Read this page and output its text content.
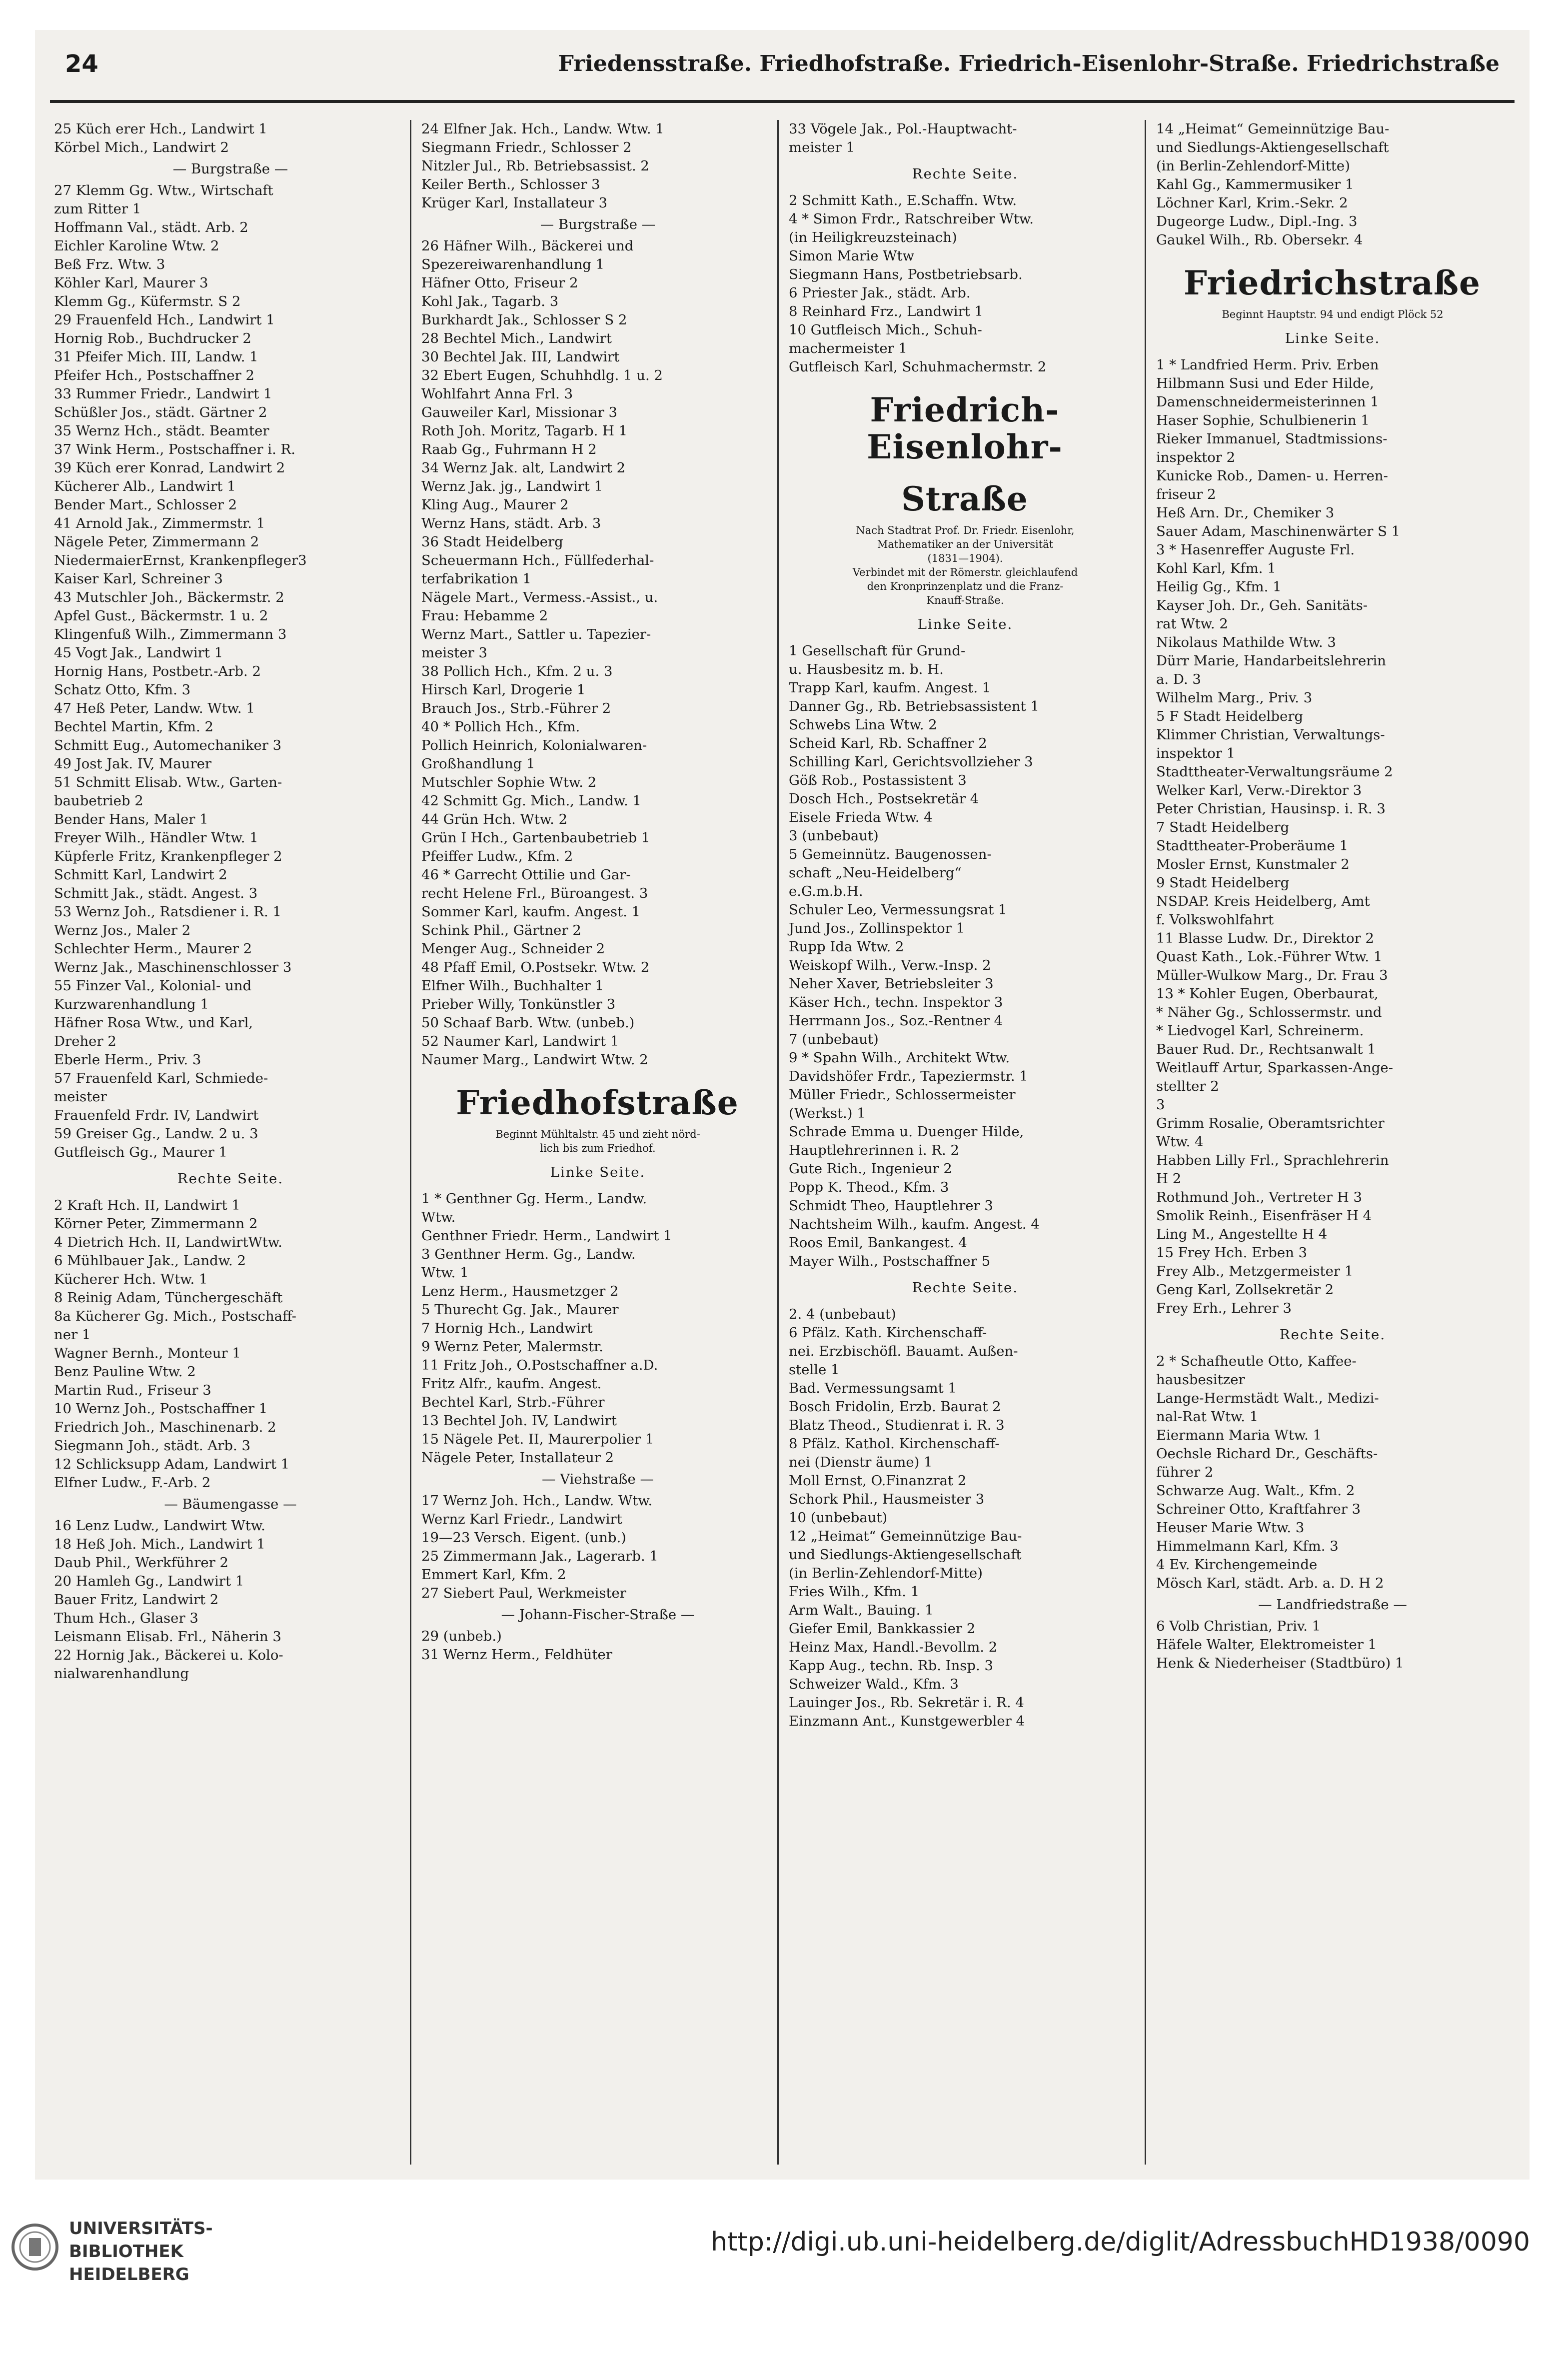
24	Friedensstraße. Friedhofstraße. Friedrich-Eisenlohr-Straße. Friedrichstraße
25 Küch erer Hch., Landwirt 1
Körbel Mich., Landwirt 2
— Burgstraße —
27 Klemm Gg. Wtw., Wirtschaft
zum Ritter 1
Hoffmann Val., städt. Arb. 2
Eichler Karoline Wtw. 2
Beß Frz. Wtw. 3
Köhler Karl, Maurer 3
Klemm Gg., Küfermstr. S 2
29 Frauenfeld Hch., Landwirt 1
Hornig Rob., Buchdrucker 2
31 Pfeifer Mich. III, Landw. 1
Pfeifer Hch., Postschaffner 2
33 Rummer Friedr., Landwirt 1
Schüßler Jos., städt. Gärtner 2
35 Wernz Hch., städt. Beamter
37 Wink Herm., Postschaffner i. R.
39 Küch erer Konrad, Landwirt 2
Kücherer Alb., Landwirt 1
Bender Mart., Schlosser 2
41 Arnold Jak., Zimmermstr. 1
Nägele Peter, Zimmermann 2
NiedermaierErnst, Krankenpfleger3
Kaiser Karl, Schreiner 3
43 Mutschler Joh., Bäckermstr. 2
Apfel Gust., Bäckermstr. 1 u. 2
Klingenfuß Wilh., Zimmermann 3
45 Vogt Jak., Landwirt 1
Hornig Hans, Postbetr.-Arb. 2
Schatz Otto, Kfm. 3
47 Heß Peter, Landw. Wtw. 1
Bechtel Martin, Kfm. 2
Schmitt Eug., Automechaniker 3
49 Jost Jak. IV, Maurer
51 Schmitt Elisab. Wtw., Garten-
baubetrieb 2
Bender Hans, Maler 1
Freyer Wilh., Händler Wtw. 1
Küpferle Fritz, Krankenpfleger 2
Schmitt Karl, Landwirt 2
Schmitt Jak., städt. Angest. 3
53 Wernz Joh., Ratsdiener i. R. 1
Wernz Jos., Maler 2
Schlechter Herm., Maurer 2
Wernz Jak., Maschinenschlosser 3
55 Finzer Val., Kolonial- und
Kurzwarenhandlung 1
Häfner Rosa Wtw., und Karl,
Dreher 2
Eberle Herm., Priv. 3
57 Frauenfeld Karl, Schmiede-
meister
Frauenfeld Frdr. IV, Landwirt
59 Greiser Gg., Landw. 2 u. 3
Gutfleisch Gg., Maurer 1
Rechte Seite.
2 Kraft Hch. II, Landwirt 1
Körner Peter, Zimmermann 2
4 Dietrich Hch. II, LandwirtWtw.
6 Mühlbauer Jak., Landw. 2
Kücherer Hch. Wtw. 1
8 Reinig Adam, Tünchergeschäft
8a Kücherer Gg. Mich., Postschaff-
ner 1
Wagner Bernh., Monteur 1
Benz Pauline Wtw. 2
Martin Rud., Friseur 3
10 Wernz Joh., Postschaffner 1
Friedrich Joh., Maschinenarb. 2
Siegmann Joh., städt. Arb. 3
12 Schlicksupp Adam, Landwirt 1
Elfner Ludw., F.-Arb. 2
— Bäumengasse —
16 Lenz Ludw., Landwirt Wtw.
18 Heß Joh. Mich., Landwirt 1
Daub Phil., Werkführer 2
20 Hamleh Gg., Landwirt 1
Bauer Fritz, Landwirt 2
Thum Hch., Glaser 3
Leismann Elisab. Frl., Näherin 3
22 Hornig Jak., Bäckerei u. Kolo-
nialwarenhandlung
24 Elfner Jak. Hch., Landw. Wtw. 1
Siegmann Friedr., Schlosser 2
Nitzler Jul., Rb. Betriebsassist. 2
Keiler Berth., Schlosser 3
Krüger Karl, Installateur 3
— Burgstraße —
26 Häfner Wilh., Bäckerei und
Spezereiwarenhandlung 1
Häfner Otto, Friseur 2
Kohl Jak., Tagarb. 3
Burkhardt Jak., Schlosser S 2
28 Bechtel Mich., Landwirt
30 Bechtel Jak. III, Landwirt
32 Ebert Eugen, Schuhhdlg. 1 u. 2
Wohlfahrt Anna Frl. 3
Gauweiler Karl, Missionar 3
Roth Joh. Moritz, Tagarb. H 1
Raab Gg., Fuhrmann H 2
34 Wernz Jak. alt, Landwirt 2
Wernz Jak. jg., Landwirt 1
Kling Aug., Maurer 2
Wernz Hans, städt. Arb. 3
36 Stadt Heidelberg
Scheuermann Hch., Füllfederhal-
terfabrikation 1
Nägele Mart., Vermess.-Assist., u.
Frau: Hebamme 2
Wernz Mart., Sattler u. Tapezier-
meister 3
38 Pollich Hch., Kfm. 2 u. 3
Hirsch Karl, Drogerie 1
Brauch Jos., Strb.-Führer 2
40 * Pollich Hch., Kfm.
Pollich Heinrich, Kolonialwaren-
Großhandlung 1
Mutschler Sophie Wtw. 2
42 Schmitt Gg. Mich., Landw. 1
44 Grün Hch. Wtw. 2
Grün I Hch., Gartenbaubetrieb 1
Pfeiffer Ludw., Kfm. 2
46 * Garrecht Ottilie und Gar-
recht Helene Frl., Büroangest. 3
Sommer Karl, kaufm. Angest. 1
Schink Phil., Gärtner 2
Menger Aug., Schneider 2
48 Pfaff Emil, O.Postsekr. Wtw. 2
Elfner Wilh., Buchhalter 1
Prieber Willy, Tonkünstler 3
50 Schaaf Barb. Wtw. (unbeb.)
52 Naumer Karl, Landwirt 1
Naumer Marg., Landwirt Wtw. 2
Friedhofstraße
Beginnt Mühltalstr. 45 und zieht nörd-
lich bis zum Friedhof.
Linke Seite.
1 * Genthner Gg. Herm., Landw.
Wtw.
Genthner Friedr. Herm., Landwirt 1
3 Genthner Herm. Gg., Landw.
Wtw. 1
Lenz Herm., Hausmetzger 2
5 Thurecht Gg. Jak., Maurer
7 Hornig Hch., Landwirt
9 Wernz Peter, Malermstr.
11 Fritz Joh., O.Postschaffner a.D.
Fritz Alfr., kaufm. Angest.
Bechtel Karl, Strb.-Führer
13 Bechtel Joh. IV, Landwirt
15 Nägele Pet. II, Maurerpolier 1
Nägele Peter, Installateur 2
— Viehstraße —
17 Wernz Joh. Hch., Landw. Wtw.
Wernz Karl Friedr., Landwirt
19—23 Versch. Eigent. (unb.)
25 Zimmermann Jak., Lagerarb. 1
Emmert Karl, Kfm. 2
27 Siebert Paul, Werkmeister
— Johann-Fischer-Straße —
29 (unbeb.)
31 Wernz Herm., Feldhüter
33 Vögele Jak., Pol.-Hauptwacht-
meister 1
Rechte Seite.
2 Schmitt Kath., E.Schaffn. Wtw.
4 * Simon Frdr., Ratschreiber Wtw.
(in Heiligkreuzsteinach)
Simon Marie Wtw
Siegmann Hans, Postbetriebsarb.
6 Priester Jak., städt. Arb.
8 Reinhard Frz., Landwirt 1
10 Gutfleisch Mich., Schuh-
machermeister 1
Gutfleisch Karl, Schuhmachermstr. 2
Friedrich-Eisenlohr-
Straße
Nach Stadtrat Prof. Dr. Friedr. Eisenlohr,
Mathematiker an der Universität
(1831—1904).
Verbindet mit der Römerstr. gleichlaufend
den Kronprinzenplatz und die Franz-
Knauff-Straße.
Linke Seite.
1 Gesellschaft für Grund-
u. Hausbesitz m. b. H.
Trapp Karl, kaufm. Angest. 1
Danner Gg., Rb. Betriebsassistent 1
Schwebs Lina Wtw. 2
Scheid Karl, Rb. Schaffner 2
Schilling Karl, Gerichtsvollzieher 3
Göß Rob., Postassistent 3
Dosch Hch., Postsekretär 4
Eisele Frieda Wtw. 4
3 (unbebaut)
5 Gemeinnütz. Baugenossen-
schaft „Neu-Heidelberg“
e.G.m.b.H.
Schuler Leo, Vermessungsrat 1
Jund Jos., Zollinspektor 1
Rupp Ida Wtw. 2
Weiskopf Wilh., Verw.-Insp. 2
Neher Xaver, Betriebsleiter 3
Käser Hch., techn. Inspektor 3
Herrmann Jos., Soz.-Rentner 4
7 (unbebaut)
9 * Spahn Wilh., Architekt Wtw.
Davidshöfer Frdr., Tapeziermstr. 1
Müller Friedr., Schlossermeister
(Werkst.) 1
Schrade Emma u. Duenger Hilde,
Hauptlehrerinnen i. R. 2
Gute Rich., Ingenieur 2
Popp K. Theod., Kfm. 3
Schmidt Theo, Hauptlehrer 3
Nachtsheim Wilh., kaufm. Angest. 4
Roos Emil, Bankangest. 4
Mayer Wilh., Postschaffner 5
Rechte Seite.
2. 4 (unbebaut)
6 Pfälz. Kath. Kirchenschaff-
nei. Erzbischöfl. Bauamt. Außen-
stelle 1
Bad. Vermessungsamt 1
Bosch Fridolin, Erzb. Baurat 2
Blatz Theod., Studienrat i. R. 3
8 Pfälz. Kathol. Kirchenschaff-
nei (Dienstr äume) 1
Moll Ernst, O.Finanzrat 2
Schork Phil., Hausmeister 3
10 (unbebaut)
12 „Heimat“ Gemeinnützige Bau-
und Siedlungs-Aktiengesellschaft
(in Berlin-Zehlendorf-Mitte)
Fries Wilh., Kfm. 1
Arm Walt., Bauing. 1
Giefer Emil, Bankkassier 2
Heinz Max, Handl.-Bevollm. 2
Kapp Aug., techn. Rb. Insp. 3
Schweizer Wald., Kfm. 3
Lauinger Jos., Rb. Sekretär i. R. 4
Einzmann Ant., Kunstgewerbler 4
14 „Heimat“ Gemeinnützige Bau-
und Siedlungs-Aktiengesellschaft
(in Berlin-Zehlendorf-Mitte)
Kahl Gg., Kammermusiker 1
Löchner Karl, Krim.-Sekr. 2
Dugeorge Ludw., Dipl.-Ing. 3
Gaukel Wilh., Rb. Obersekr. 4
Friedrichstraße
Beginnt Hauptstr. 94 und endigt Plöck 52
Linke Seite.
1 * Landfried Herm. Priv. Erben
Hilbmann Susi und Eder Hilde,
Damenschneidermeisterinnen 1
Haser Sophie, Schulbienerin 1
Rieker Immanuel, Stadtmissions-
inspektor 2
Kunicke Rob., Damen- u. Herren-
friseur 2
Heß Arn. Dr., Chemiker 3
Sauer Adam, Maschinenwärter S 1
3 * Hasenreffer Auguste Frl.
Kohl Karl, Kfm. 1
Heilig Gg., Kfm. 1
Kayser Joh. Dr., Geh. Sanitäts-
rat Wtw. 2
Nikolaus Mathilde Wtw. 3
Dürr Marie, Handarbeitslehrerin
a. D. 3
Wilhelm Marg., Priv. 3
5 F Stadt Heidelberg
Klimmer Christian, Verwaltungs-
inspektor 1
Stadttheater-Verwaltungsräume 2
Welker Karl, Verw.-Direktor 3
Peter Christian, Hausinsp. i. R. 3
7 Stadt Heidelberg
Stadttheater-Proberäume 1
Mosler Ernst, Kunstmaler 2
9 Stadt Heidelberg
NSDAP. Kreis Heidelberg, Amt
f. Volkswohlfahrt
11 Blasse Ludw. Dr., Direktor 2
Quast Kath., Lok.-Führer Wtw. 1
Müller-Wulkow Marg., Dr. Frau 3
13 * Kohler Eugen, Oberbaurat,
* Näher Gg., Schlossermstr. und
* Liedvogel Karl, Schreinerm.
Bauer Rud. Dr., Rechtsanwalt 1
Weitlauff Artur, Sparkassen-Ange-
stellter 2
3
Grimm Rosalie, Oberamtsrichter
Wtw. 4
Habben Lilly Frl., Sprachlehrerin
H 2
Rothmund Joh., Vertreter H 3
Smolik Reinh., Eisenfräser H 4
Ling M., Angestellte H 4
15 Frey Hch. Erben 3
Frey Alb., Metzgermeister 1
Geng Karl, Zollsekretär 2
Frey Erh., Lehrer 3
Rechte Seite.
2 * Schafheutle Otto, Kaffee-
hausbesitzer
Lange-Hermstädt Walt., Medizi-
nal-Rat Wtw. 1
Eiermann Maria Wtw. 1
Oechsle Richard Dr., Geschäfts-
führer 2
Schwarze Aug. Walt., Kfm. 2
Schreiner Otto, Kraftfahrer 3
Heuser Marie Wtw. 3
Himmelmann Karl, Kfm. 3
4 Ev. Kirchengemeinde
Mösch Karl, städt. Arb. a. D. H 2
— Landfriedstraße —
6 Volb Christian, Priv. 1
Häfele Walter, Elektromeister 1
Henk & Niederheiser (Stadtbüro) 1
UNIVERSITÄTS-
BIBLIOTHEK
HEIDELBERG
http://digi.ub.uni-heidelberg.de/diglit/AdressbuchHD1938/0090
